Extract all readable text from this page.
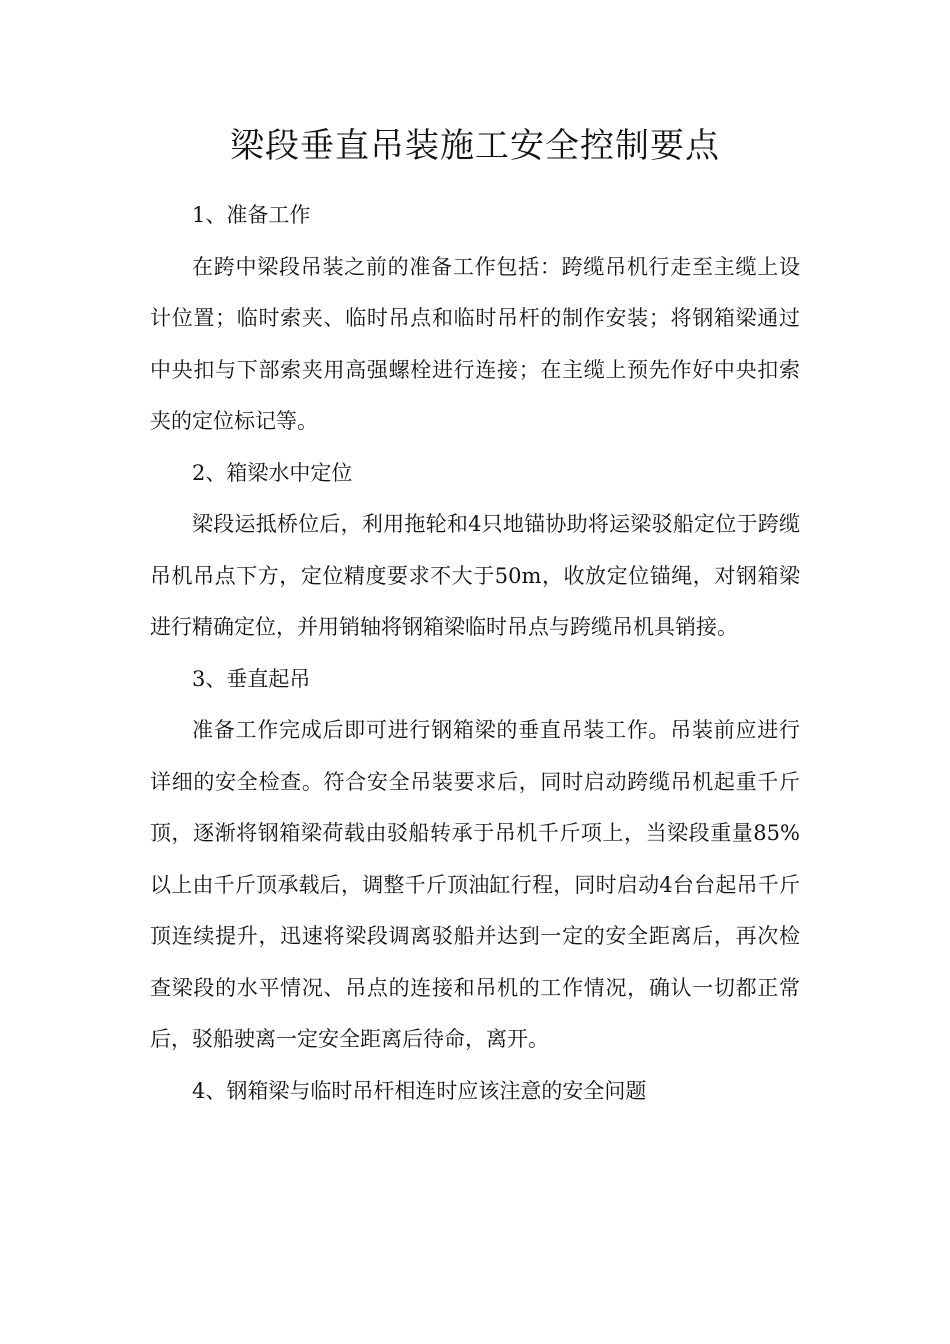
梁段垂直吊装施工安全控制要点

1、准备工作

在跨中梁段吊装之前的准备工作包括：跨缆吊机行走至主缆上设计位置；临时索夹、临时吊点和临时吊杆的制作安装；将钢箱梁通过中央扣与下部索夹用高强螺栓进行连接；在主缆上预先作好中央扣索夹的定位标记等。

2、箱梁水中定位

梁段运抵桥位后，利用拖轮和4只地锚协助将运梁驳船定位于跨缆吊机吊点下方，定位精度要求不大于50m，收放定位锚绳，对钢箱梁进行精确定位，并用销轴将钢箱梁临时吊点与跨缆吊机具销接。

3、垂直起吊

准备工作完成后即可进行钢箱梁的垂直吊装工作。吊装前应进行详细的安全检查。符合安全吊装要求后，同时启动跨缆吊机起重千斤顶，逐渐将钢箱梁荷载由驳船转承于吊机千斤项上，当梁段重量85%以上由千斤顶承载后，调整千斤顶油缸行程，同时启动4台台起吊千斤顶连续提升，迅速将梁段调离驳船并达到一定的安全距离后，再次检查梁段的水平情况、吊点的连接和吊机的工作情况，确认一切都正常后，驳船驶离一定安全距离后待命，离开。

4、钢箱梁与临时吊杆相连时应该注意的安全问题
